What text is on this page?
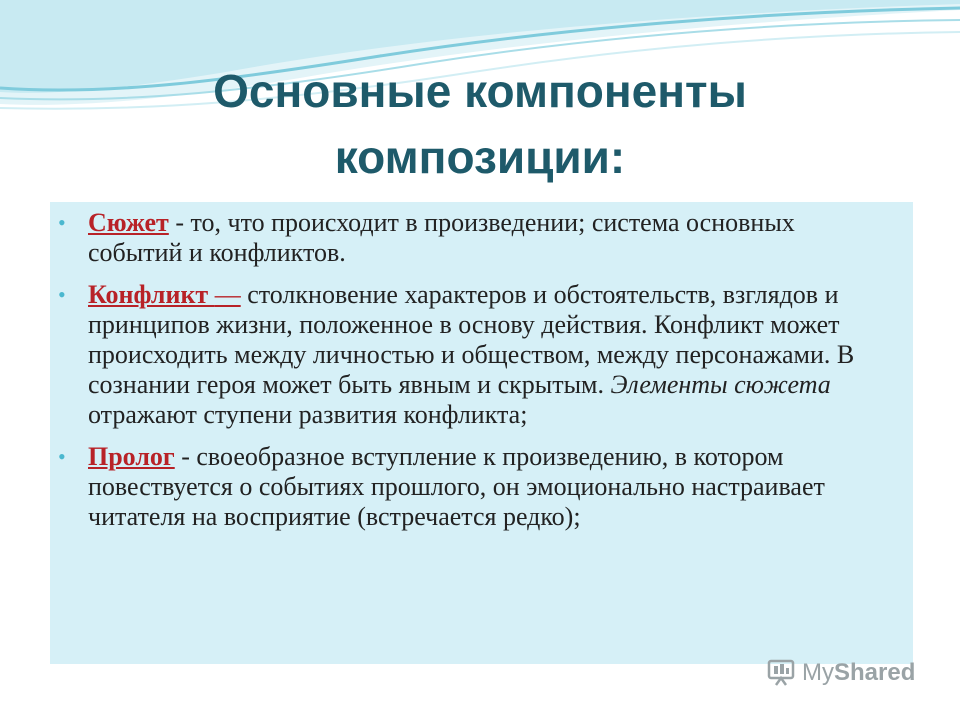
Основные компоненты
композиции:
• Сюжет - то, что происходит в произведении; система основных событий и конфликтов.
• Конфликт — столкновение характеров и обстоятельств, взглядов и принципов жизни, положенное в основу действия. Конфликт может происходить между личностью и обществом, между персонажами. В сознании героя может быть явным и скрытым. Элементы сюжета отражают ступени развития конфликта;
• Пролог - своеобразное вступление к произведению, в котором повествуется о событиях прошлого, он эмоционально настраивает читателя на восприятие (встречается редко);
MyShared
